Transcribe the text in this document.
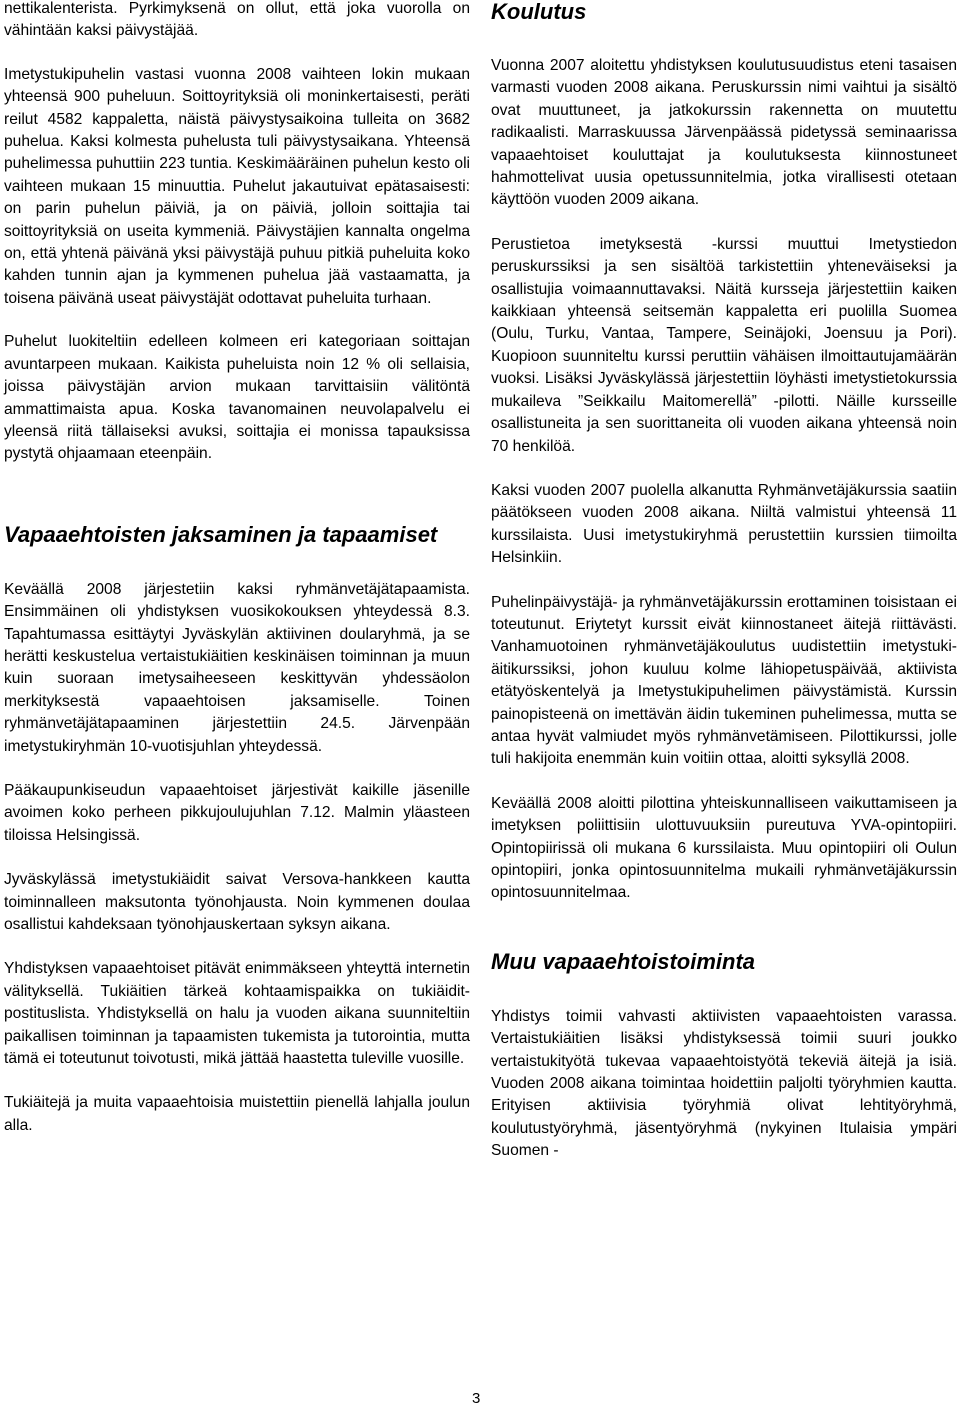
nettikalenterista. Pyrkimyksenä on ollut, että joka vuorolla on vähintään kaksi päivystäjää.

Imetystukipuhelin vastasi vuonna 2008 vaihteen lokin mukaan yhteensä 900 puheluun. Soittoyrityksiä oli moninkertaisesti, peräti reilut 4582 kappaletta, näistä päivystysaikoina tulleita on 3682 puhelua. Kaksi kolmesta puhelusta tuli päivystysaikana. Yhteensä puhelimessa puhuttiin 223 tuntia. Keskimääräinen puhelun kesto oli vaihteen mukaan 15 minuuttia. Puhelut jakautuivat epätasaisesti: on parin puhelun päiviä, ja on päiviä, jolloin soittajia tai soittoyrityksiä on useita kymmeniä. Päivystäjien kannalta ongelma on, että yhtenä päivänä yksi päivystäjä puhuu pitkiä puheluita koko kahden tunnin ajan ja kymmenen puhelua jää vastaamatta, ja toisena päivänä useat päivystäjät odottavat puheluita turhaan.

Puhelut luokiteltiin edelleen kolmeen eri kategoriaan soittajan avuntarpeen mukaan. Kaikista puheluista noin 12 % oli sellaisia, joissa päivystäjän arvion mukaan tarvittaisiin välitöntä ammattimaista apua. Koska tavanomainen neuvolapalvelu ei yleensä riitä tällaiseksi avuksi, soittajia ei monissa tapauksissa pystytä ohjaamaan eteenpäin.

Vapaaehtoisten jaksaminen ja tapaamiset

Keväällä 2008 järjestetiin kaksi ryhmänvetäjätapaamista. Ensimmäinen oli yhdistyksen vuosikokouksen yhteydessä 8.3. Tapahtumassa esittäytyi Jyväskylän aktiivinen doularyhmä, ja se herätti keskustelua vertaistukiäitien keskinäisen toiminnan ja muun kuin suoraan imetysaiheeseen keskittyvän yhdessäolon merkityksestä vapaaehtoisen jaksamiselle. Toinen ryhmänvetäjätapaaminen järjestettiin 24.5. Järvenpään imetystukiryhmän 10-vuotisjuhlan yhteydessä.

Pääkaupunkiseudun vapaaehtoiset järjestivät kaikille jäsenille avoimen koko perheen pikkujoulujuhlan 7.12. Malmin yläasteen tiloissa Helsingissä.

Jyväskylässä imetystukiäidit saivat Versova-hankkeen kautta toiminnalleen maksutonta työnohjausta. Noin kymmenen doulaa osallistui kahdeksaan työnohjauskertaan syksyn aikana.

Yhdistyksen vapaaehtoiset pitävät enimmäkseen yhteyttä internetin välityksellä. Tukiäitien tärkeä kohtaamispaikka on tukiäidit-postituslista. Yhdistyksellä on halu ja vuoden aikana suunniteltiin paikallisen toiminnan ja tapaamisten tukemista ja tutorointia, mutta tämä ei toteutunut toivotusti, mikä jättää haastetta tuleville vuosille.

Tukiäitejä ja muita vapaaehtoisia muistettiin pienellä lahjalla joulun alla.

Koulutus

Vuonna 2007 aloitettu yhdistyksen koulutusuudistus eteni tasaisen varmasti vuoden 2008 aikana. Peruskurssin nimi vaihtui ja sisältö ovat muuttuneet, ja jatkokurssin rakennetta on muutettu radikaalisti. Marraskuussa Järvenpäässä pidetyssä seminaarissa vapaaehtoiset kouluttajat ja koulutuksesta kiinnostuneet hahmottelivat uusia opetussunnitelmia, jotka virallisesti otetaan käyttöön vuoden 2009 aikana.

Perustietoa imetyksestä -kurssi muuttui Imetystiedon peruskurssiksi ja sen sisältöä tarkistettiin yhteneväiseksi ja osallistujia voimaannuttavaksi. Näitä kursseja järjestettiin kaiken kaikkiaan yhteensä seitsemän kappaletta eri puolilla Suomea (Oulu, Turku, Vantaa, Tampere, Seinäjoki, Joensuu ja Pori). Kuopioon suunniteltu kurssi peruttiin vähäisen ilmoittautujamäärän vuoksi. Lisäksi Jyväskylässä järjestettiin löyhästi imetystietokurssia mukaileva ”Seikkailu Maitomerellä” -pilotti. Näille kursseille osallistuneita ja sen suorittaneita oli vuoden aikana yhteensä noin 70 henkilöä.

Kaksi vuoden 2007 puolella alkanutta Ryhmänvetäjäkurssia saatiin päätökseen vuoden 2008 aikana. Niiltä valmistui yhteensä 11 kurssilaista. Uusi imetystukiryhmä perustettiin kurssien tiimoilta Helsinkiin.

Puhelinpäivystäjä- ja ryhmänvetäjäkurssin erottaminen toisistaan ei toteutunut. Eriytetyt kurssit eivät kiinnostaneet äitejä riittävästi. Vanhamuotoinen ryhmänvetäjäkoulutus uudistettiin imetystuki-äitikurssiksi, johon kuuluu kolme lähiopetuspäivää, aktiivista etätyöskentelyä ja Imetystukipuhelimen päivystämistä. Kurssin painopisteenä on imettävän äidin tukeminen puhelimessa, mutta se antaa hyvät valmiudet myös ryhmänvetämiseen. Pilottikurssi, jolle tuli hakijoita enemmän kuin voitiin ottaa, aloitti syksyllä 2008.

Keväällä 2008 aloitti pilottina yhteiskunnalliseen vaikuttamiseen ja imetyksen poliittisiin ulottuvuuksiin pureutuva YVA-opintopiiri. Opintopiirissä oli mukana 6 kurssilaista. Muu opintopiiri oli Oulun opintopiiri, jonka opintosuunnitelma mukaili ryhmänvetäjäkurssin opintosuunnitelmaa.

Muu vapaaehtoistoiminta

Yhdistys toimii vahvasti aktiivisten vapaaehtoisten varassa. Vertaistukiäitien lisäksi yhdistyksessä toimii suuri joukko vertaistukityötä tukevaa vapaaehtoistyötä tekeviä äitejä ja isiä. Vuoden 2008 aikana toimintaa hoidettiin paljolti työryhmien kautta. Erityisen aktiivisia työryhmiä olivat lehtityöryhmä, koulutustyöryhmä, jäsentyöryhmä (nykyinen Itulaisia ympäri Suomen -

3
